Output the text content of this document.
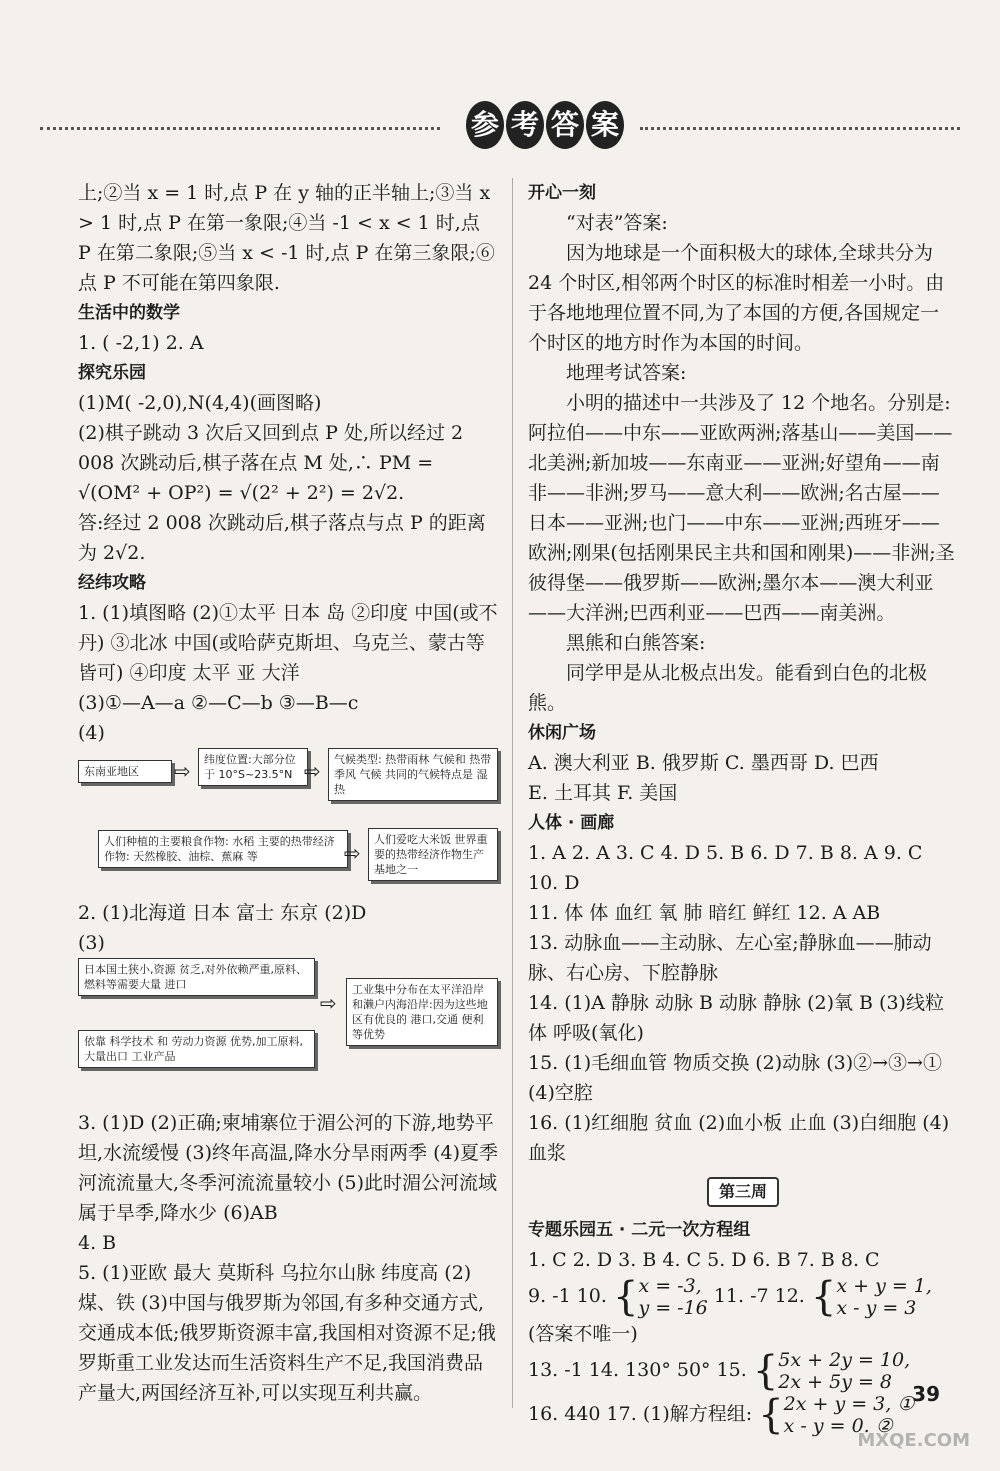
参 考 答 案

上;②当 x = 1 时,点 P 在 y 轴的正半轴上;③当 x > 1 时,点 P 在第一象限;④当 -1 < x < 1 时,点 P 在第二象限;⑤当 x < -1 时,点 P 在第三象限;⑥点 P 不可能在第四象限.

生活中的数学

1. ( -2,1) 2. A

探究乐园

(1)M( -2,0),N(4,4)(画图略)

(2)棋子跳动 3 次后又回到点 P 处,所以经过 2 008 次跳动后,棋子落在点 M 处,∴ PM = √(OM² + OP²) = √(2² + 2²) = 2√2.

答:经过 2 008 次跳动后,棋子落点与点 P 的距离为 2√2.

经纬攻略

1. (1)填图略 (2)①太平 日本 岛 ②印度 中国(或不丹) ③北冰 中国(或哈萨克斯坦、乌克兰、蒙古等皆可) ④印度 太平 亚 大洋

(3)①—A—a ②—C—b ③—B—c

(4)

东南亚地区	⇨	纬度位置:大部分位于 10°S~23.5°N ⇨	气候类型: 热带雨林 气候和 热带季风 气候 共同的气候特点是 湿热
人们种植的主要粮食作物: 水稻 主要的热带经济作物: 天然橡胶、油棕、蕉麻 等	⇨
人们爱吃大米饭 世界重要的热带经济作物生产基地之一

2. (1)北海道 日本 富士 东京 (2)D

(3)

日本国土狭小,资源 贫乏,对外依赖严重,原料、燃料等需要大量 进口
⇨
工业集中分布在太平洋沿岸和濑户内海沿岸:因为这些地区有优良的 港口,交通 便利等优势
依靠 科学技术 和 劳动力资源 优势,加工原料,大量出口 工业产品

3. (1)D (2)正确;柬埔寨位于湄公河的下游,地势平坦,水流缓慢 (3)终年高温,降水分旱雨两季 (4)夏季河流流量大,冬季河流流量较小 (5)此时湄公河流域属于旱季,降水少 (6)AB

4. B

5. (1)亚欧 最大 莫斯科 乌拉尔山脉 纬度高 (2)煤、铁 (3)中国与俄罗斯为邻国,有多种交通方式,交通成本低;俄罗斯资源丰富,我国相对资源不足;俄罗斯重工业发达而生活资料生产不足,我国消费品产量大,两国经济互补,可以实现互利共赢。

开心一刻

“对表”答案:

因为地球是一个面积极大的球体,全球共分为 24 个时区,相邻两个时区的标准时相差一小时。由于各地地理位置不同,为了本国的方便,各国规定一个时区的地方时作为本国的时间。

地理考试答案:

小明的描述中一共涉及了 12 个地名。分别是:阿拉伯——中东——亚欧两洲;落基山——美国——北美洲;新加坡——东南亚——亚洲;好望角——南非——非洲;罗马——意大利——欧洲;名古屋——日本——亚洲;也门——中东——亚洲;西班牙——欧洲;刚果(包括刚果民主共和国和刚果)——非洲;圣彼得堡——俄罗斯——欧洲;墨尔本——澳大利亚——大洋洲;巴西利亚——巴西——南美洲。

黑熊和白熊答案:

同学甲是从北极点出发。能看到白色的北极熊。

休闲广场

A. 澳大利亚 B. 俄罗斯 C. 墨西哥 D. 巴西

E. 土耳其 F. 美国

人体 · 画廊

1. A 2. A 3. C 4. D 5. B 6. D 7. B 8. A 9. C

10. D

11. 体 体 血红 氧 肺 暗红 鲜红 12. A AB

13. 动脉血——主动脉、左心室;静脉血——肺动脉、右心房、下腔静脉

14. (1)A 静脉 动脉 B 动脉 静脉 (2)氧 B (3)线粒体 呼吸(氧化)

15. (1)毛细血管 物质交换 (2)动脉 (3)②→③→① (4)空腔

16. (1)红细胞 贫血 (2)血小板 止血 (3)白细胞 (4)血浆

第三周
专题乐园五 · 二元一次方程组

1. C 2. D 3. B 4. C 5. D 6. B 7. B 8. C

9. -1 10. {x = -3,
y = -16 11. -7 12. {x + y = 1,
x - y = 3 (答案不唯一)

13. -1 14. 130° 50° 15. {5x + 2y = 10,
2x + 5y = 8

16. 440 17. (1)解方程组: {2x + y = 3, ①
x - y = 0. ②

39
MXQE.COM
